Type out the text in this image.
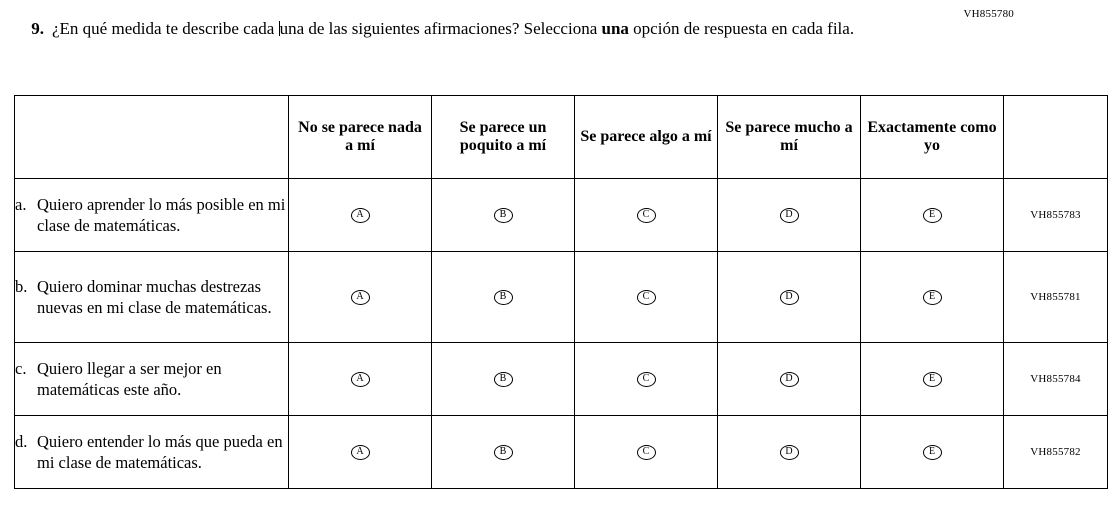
VH855780
9. ¿En qué medida te describe cada una de las siguientes afirmaciones? Selecciona una opción de respuesta en cada fila.
	No se parece nada a mí	Se parece un poquito a mí	Se parece algo a mí	Se parece mucho a mí	Exactamente como yo	

a. Quiero aprender lo más posible en mi clase de matemáticas.	A	B	C	D	E	VH855783

b. Quiero dominar muchas destrezas nuevas en mi clase de matemáticas.	A	B	C	D	E	VH855781

c. Quiero llegar a ser mejor en matemáticas este año.	A	B	C	D	E	VH855784

d. Quiero entender lo más que pueda en mi clase de matemáticas.	A	B	C	D	E	VH855782
